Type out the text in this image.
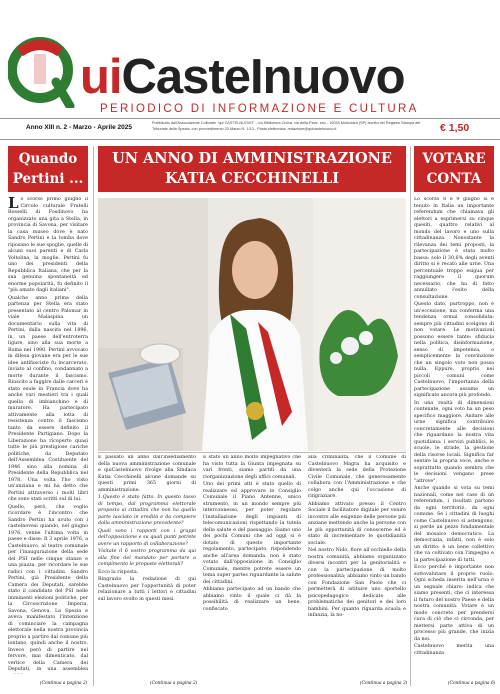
uiCasteInuovo
PERIODICO DI INFORMAZIONE E CULTURA
Anno XIII n. 2 - Marzo - Aprile 2025
Pubblicato dall'Associazione Culturale "qui CASTELNUOVO" - c/o Biblioteca Civica, via della Pace, snc - 19033 Molicciara (SP) Iscritto nel Registro Stampa del Tribunale della Spezia, con provvedimento 23 Marzo N. 1/13 - Posta elettronica: redazione@quicastelnuovo.it	€ 1,50
Quando Pertini ...
UN ANNO DI AMMINISTRAZIONE KATIA CECCHINELLI
VOTARE CONTA

Lo scorso primo giugno il Circolo culturale Fratelli Rosselli di Fosdinovo ha organizzato una gita a Stella, in provincia di Savona, per visitare la casa museo dove è nato Sandro Pertini e la tomba dove riposano le sue spoglie, quelle di alcuni suoi parenti e di Carla Voltolina, la moglie. Pertini fu uno dei presidenti della Repubblica Italiana, che per la sua genuina spontaneità ed enorme popolarità, fu definito il "più amato dagli italiani".

Qualche anno prima della partenza per Stella era stato presentato al centro Palomar in viale Malaspina un documentario sulla vita di Pertini, dalla nascita nel 1896, in un paese dell'entroterra ligure, sino alla sua morte a Roma nel 1990. Pertini avvocato in difesa giovane era per le sue idee antifasciste fu incarcerato, inviato al confino, condannato a morte durante il fascismo. Riuscito a fuggire dalle carceri è stato esule in Francia dove ha anche vari mestieri tra i quali quella di imbianchino e di muratore. Ha partecipato attivamente alla lotta di resistenza contro il fascismo tanto da essere definito il Presidente Partigiano. Dopo la Liberazione ha ricoperto quasi tutte le più prestigiose cariche politiche, da Deputato dell'Assemblea Costituente del 1946 sino alla nomina di Presidente della Repubblica nel 1978. Una volta l'ho visto un'anziana e mi ha detto che Pertini attraverso i molti libri che sono stati scritti sul di lui.

Quello, però, che voglio ricordare è l'incontro che Sandro Pertini ha avuto con i castelnovesi quando, nel giugno 1976, venne l'ultima volta in paese e disse: Il 3 aprile 1976, a Castelnuovo, al teatro comunale per l'inaugurazione della sede del PSI nelle cinque stanze e una piazza, per ricordare le sue radici con i cittadini. Sandro Pertini, già Presidente della Camera dei Deputati, sarebbe stato il candidato del PSI nelle imminenti elezioni politiche, per la Circoscrizione Imperia, Savona, Genova, La Spezia e aveva manifestato l'intenzione di cominciare la campagna elettorale nella nostra provincia proprio a partire dal comune più lontano, quindi anche il nostro. Invece però di partire nel fervore, mai dimenticato, dal vertice della Camera dei Deputati, in una assemblea

(Continua a pagina 2)

È passato un anno dall'insediamento della nuova amministrazione comunale e quiCastelnuovo rivolge alla Sindaca Katia Cecchinelli alcune domande su questi primi 365 giorni di amministrazione.

1.Questo è stato fatto. In questo tasso di tempo, dal programma elettorale proposto ai cittadini che non ha quello parte lasciato in eredità e da compiere dalla amministrazione precedente?

Quali sono i rapporti con i gruppi dell'opposizione e su quali punti potrete avere un rapporto di collaborazione?

Visitate il 6 vostro programma da qui alla fine del mandato per portare a compimento le proposte elettorali?

Ecco la risposta.

Ringrazio la redazione di qui Castelnuovo per l'opportunità di poter relazionare a tutti i lettori e cittadini sul lavoro svolto in questi mesi.

È stato un anno molto impegnativo che ha visto tutta la Giunta impegnata su vari fronti, siamo partiti da una riorganizzazione degli uffici comunali.

Uno dei primi atti è stato quello di realizzare ed approvare in Consiglio Comunale il Piano Antenne, unico strumento, in un mondo sempre più interconnesso, per poter regolare l'installazione degli impianti di telecomunicazioni rispettando la tutela della salute e del paesaggio. Siamo uno dei pochi Comuni che ad oggi si è dotato di questo importante regolamento, partecipato, rispondendo anche all'area domanda, non è stato votato dall'opposizione in Consiglio Comunale, mentre potrete essere un tema super partes riguardante la salute dei cittadini.

Abbiamo partecipato ad un bando che abbiamo vinto il quale ci dà la possibilità di realizzare un bene, confiscato

alla criminalità, che il Comune di Castelnuovo Magra ha acquisito e diventerà la sede della Protezione Civile Comunale, che generosamente collabora con l'Amministrazione e che colgo anche qui l'occasione di ringraziare.

Abbiamo attivato presso il Centro Sociale il facilitatore digitale per venire incontro alle esigenze delle persone più anziane mettendo anche la persone con le più opportunità di conoscerne ed è stato di incrementare le quotidianità sociale.

Nel nostro Nido, fiore all'occhiello della nostra comunità, abbiamo organizzato diversi incontri per la genitorialità e con la partecipazione di molto professionalità; abbiamo vinto un bando con Fondazione San Paolo che ci permetterà di istituire uno sportello psicopedagogico dedicato alle problematiche dei genitori e dei loro bambini. Per quanto riguarda scuola e infanzia, la no-

(Continua a pagina 2)	(Continua a pagina 3)

Lo scorso 8 e 9 giugno si è tenuto in Italia un importante referendum che chiamava gli elettori a esprimersi su cinque quesiti, quattro relativi al mondo del lavoro e uno sulla cittadinanza. Nonostante la rilevanza dei temi proposti, la partecipazione è stata molto bassa: solo il 30,6% degli aventi diritto si è recato alle urne. Una percentuale troppo esigua per raggiungere il quorum necessario, che ha di fatto annullato l'esito della consultazione.

Questo dato, purtroppo, non è un'eccezione, ma conferma una tendenza ormai consolidata: sempre più cittadini scelgono di non votare. Le motivazioni possono essere tante: sfiducia nella politica, disinformazione, senso di impotenza, o semplicemente la convinzione che un singolo voto non possa nulla. Eppure, proprio nei piccoli comuni come Castelnuovo, l'importanza della partecipazione assume un significato ancora più profondo.

In una realtà di dimensioni contenute, ogni voto ha un peso specifico maggiore. Andare alle urne significa contribuire concretamente alle decisioni che riguardano la nostra vita quotidiana: i servizi pubblici, le scuole, le strade, la gestione della risorse locali. Significa far sentire la propria voce, anche e soprattutto quando sembra che le decisioni vengano prese "altrove".

Anche quando si vota su temi nazionali, come nel caso di un referendum, i risultati partono da ogni territorio, da ogni comune. Se i cittadini di luoghi come Castelnuovo si astengono, si perde un pezzo fondamentale del mosaico democratico. La democrazia, infatti, non è solo un diritto: è un bene collettivo che va coltivato con l'impegno e la partecipazione di tutti.

Ecco perché è importante non sottovalutare il proprio ruolo. Ogni scheda inserita nell'urna è un segnale chiaro: indica che siamo presenti, che ci interessa il futuro del nostro Paese e della nostra comunità. Votare è un modo concreto per prendersi cura di ciò che ci circonda, per mettersi parte attiva di un processo più grande, che inizia da noi.

Castelnuovo merita una cittadinanza

(Continua a pagina 6)
